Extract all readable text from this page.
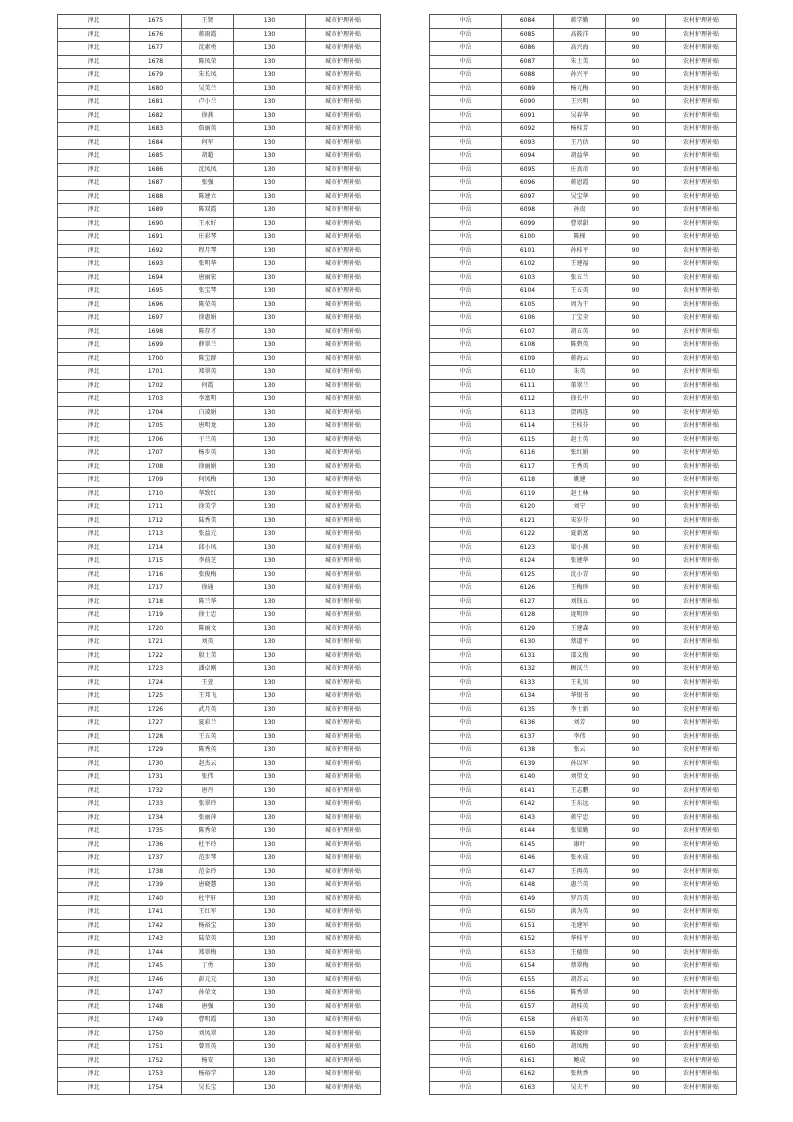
泽北	1675	王贤	130	城市护理补贴
泽北	1676	蒋雨霞	130	城市护理补贴
泽北	1677	沈素勇	130	城市护理补贴
泽北	1678	陈凤荣	130	城市护理补贴
泽北	1679	朱长凤	130	城市护理补贴
泽北	1680	吴美兰	130	城市护理补贴
泽北	1681	卢小兰	130	城市护理补贴
泽北	1682	徐燕	130	城市护理补贴
泽北	1683	詹丽英	130	城市护理补贴
泽北	1684	何军	130	城市护理补贴
泽北	1685	胡超	130	城市护理补贴
泽北	1686	沈凤凤	130	城市护理补贴
泽北	1687	张强	130	城市护理补贴
泽北	1688	陈建立	130	城市护理补贴
泽北	1689	陈双霞	130	城市护理补贴
泽北	1690	王永好	130	城市护理补贴
泽北	1691	庄彩琴	130	城市护理补贴
泽北	1692	程月琴	130	城市护理补贴
泽北	1693	张明华	130	城市护理补贴
泽北	1694	唐丽宏	130	城市护理补贴
泽北	1695	张宝琴	130	城市护理补贴
泽北	1696	陈荣英	130	城市护理补贴
泽北	1697	徐惠娟	130	城市护理补贴
泽北	1698	陈存才	130	城市护理补贴
泽北	1699	薛翠兰	130	城市护理补贴
泽北	1700	陈宝群	130	城市护理补贴
泽北	1701	郑翠英	130	城市护理补贴
泽北	1702	何霞	130	城市护理补贴
泽北	1703	李富明	130	城市护理补贴
泽北	1704	白凌娟	130	城市护理补贴
泽北	1705	唐明龙	130	城市护理补贴
泽北	1706	于兰英	130	城市护理补贴
泽北	1707	杨步英	130	城市护理补贴
泽北	1708	徐丽娟	130	城市护理补贴
泽北	1709	何凤梅	130	城市护理补贴
泽北	1710	华致红	130	城市护理补贴
泽北	1711	徐美学	130	城市护理补贴
泽北	1712	陆秀美	130	城市护理补贴
泽北	1713	张益元	130	城市护理补贴
泽北	1714	邱小凤	130	城市护理补贴
泽北	1715	李前芝	130	城市护理补贴
泽北	1716	张俊梅	130	城市护理补贴
泽北	1717	徐通	130	城市护理补贴
泽北	1718	陈兰华	130	城市护理补贴
泽北	1719	徐士忠	130	城市护理补贴
泽北	1720	陈丽文	130	城市护理补贴
泽北	1721	刘英	130	城市护理补贴
泽北	1722	殷士美	130	城市护理补贴
泽北	1723	潘卓刚	130	城市护理补贴
泽北	1724	王萱	130	城市护理补贴
泽北	1725	王邦飞	130	城市护理补贴
泽北	1726	武月英	130	城市护理补贴
泽北	1727	夏彩兰	130	城市护理补贴
泽北	1728	王五英	130	城市护理补贴
泽北	1729	陈秀英	130	城市护理补贴
泽北	1730	赵杰云	130	城市护理补贴
泽北	1731	张伟	130	城市护理补贴
泽北	1732	唐丹	130	城市护理补贴
泽北	1733	张翠玲	130	城市护理补贴
泽北	1734	张丽萍	130	城市护理补贴
泽北	1735	陈秀荣	130	城市护理补贴
泽北	1736	杜平玲	130	城市护理补贴
泽北	1737	范步琴	130	城市护理补贴
泽北	1738	范金玲	130	城市护理补贴
泽北	1739	唐晓慧	130	城市护理补贴
泽北	1740	杜宇轩	130	城市护理补贴
泽北	1741	王红军	130	城市护理补贴
泽北	1742	杨裕宝	130	城市护理补贴
泽北	1743	陆荣英	130	城市护理补贴
泽北	1744	郑翠梅	130	城市护理补贴
泽北	1745	丁勇	130	城市护理补贴
泽北	1746	彭元元	130	城市护理补贴
泽北	1747	孙荣文	130	城市护理补贴
泽北	1748	唐强	130	城市护理补贴
泽北	1749	曹明霞	130	城市护理补贴
泽北	1750	刘凤翠	130	城市护理补贴
泽北	1751	曾晋英	130	城市护理补贴
泽北	1752	杨安	130	城市护理补贴
泽北	1753	杨裕学	130	城市护理补贴
泽北	1754	吴长宝	130	城市护理补贴
中岳	6084	蒋学勤	90	农村护理补贴
中岳	6085	高筱洋	90	农村护理补贴
中岳	6086	高兴海	90	农村护理补贴
中岳	6087	朱士美	90	农村护理补贴
中岳	6088	孙兴平	90	农村护理补贴
中岳	6089	杨元梅	90	农村护理补贴
中岳	6090	王兴明	90	农村护理补贴
中岳	6091	吴春华	90	农村护理补贴
中岳	6092	杨桂芳	90	农村护理补贴
中岳	6093	王乃估	90	农村护理补贴
中岳	6094	胡益华	90	农村护理补贴
中岳	6095	庄真帝	90	农村护理补贴
中岳	6096	蒋恩霞	90	农村护理补贴
中岳	6097	吴宝华	90	农村护理补贴
中岳	6098	孙贵	90	农村护理补贴
中岳	6099	曹翠甜	90	农村护理补贴
中岳	6100	陈梯	90	农村护理补贴
中岳	6101	孙桂平	90	农村护理补贴
中岳	6102	王建福	90	农村护理补贴
中岳	6103	张五兰	90	农村护理补贴
中岳	6104	王五英	90	农村护理补贴
中岳	6105	周为干	90	农村护理补贴
中岳	6106	丁宝全	90	农村护理补贴
中岳	6107	胡五英	90	农村护理补贴
中岳	6108	陈碧英	90	农村护理补贴
中岳	6109	蒋海云	90	农村护理补贴
中岳	6110	朱英	90	农村护理补贴
中岳	6111	董翠兰	90	农村护理补贴
中岳	6112	徐长中	90	农村护理补贴
中岳	6113	贺再连	90	农村护理补贴
中岳	6114	王桂芬	90	农村护理补贴
中岳	6115	赵士英	90	农村护理补贴
中岳	6116	张红娟	90	农村护理补贴
中岳	6117	王秀英	90	农村护理补贴
中岳	6118	姚建	90	农村护理补贴
中岳	6119	赵士林	90	农村护理补贴
中岳	6120	刘宁	90	农村护理补贴
中岳	6121	宋岁芬	90	农村护理补贴
中岳	6122	夏新富	90	农村护理补贴
中岳	6123	梁小燕	90	农村护理补贴
中岳	6124	张建华	90	农村护理补贴
中岳	6125	沈小青	90	农村护理补贴
中岳	6126	王梅珍	90	农村护理补贴
中岳	6127	刘钱五	90	农村护理补贴
中岳	6128	庞明珍	90	农村护理补贴
中岳	6129	王建森	90	农村护理补贴
中岳	6130	蔡道平	90	农村护理补贴
中岳	6131	邵义俊	90	农村护理补贴
中岳	6132	顾沃兰	90	农村护理补贴
中岳	6133	王礼男	90	农村护理补贴
中岳	6134	华银书	90	农村护理补贴
中岳	6135	李士新	90	农村护理补贴
中岳	6136	刘芳	90	农村护理补贴
中岳	6137	李伟	90	农村护理补贴
中岳	6138	张云	90	农村护理补贴
中岳	6139	孙以军	90	农村护理补贴
中岳	6140	刘望文	90	农村护理补贴
中岳	6141	王志鹏	90	农村护理补贴
中岳	6142	王东远	90	农村护理补贴
中岳	6143	蒋宁忠	90	农村护理补贴
中岳	6144	张梁勤	90	农村护理补贴
中岳	6145	康叶	90	农村护理补贴
中岳	6146	张永成	90	农村护理补贴
中岳	6147	王再英	90	农村护理补贴
中岳	6148	惠兰英	90	农村护理补贴
中岳	6149	罗昌英	90	农村护理补贴
中岳	6150	洪为英	90	农村护理补贴
中岳	6151	毛建军	90	农村护理补贴
中岳	6152	华桂平	90	农村护理补贴
中岳	6153	王德资	90	农村护理补贴
中岳	6154	蔡翠梅	90	农村护理补贴
中岳	6155	胡苏云	90	农村护理补贴
中岳	6156	陈秀翠	90	农村护理补贴
中岳	6157	胡桂英	90	农村护理补贴
中岳	6158	孙如英	90	农村护理补贴
中岳	6159	陈晓珍	90	农村护理补贴
中岳	6160	胡凤梅	90	农村护理补贴
中岳	6161	鲍成	90	农村护理补贴
中岳	6162	张秋香	90	农村护理补贴
中岳	6163	吴夫平	90	农村护理补贴
